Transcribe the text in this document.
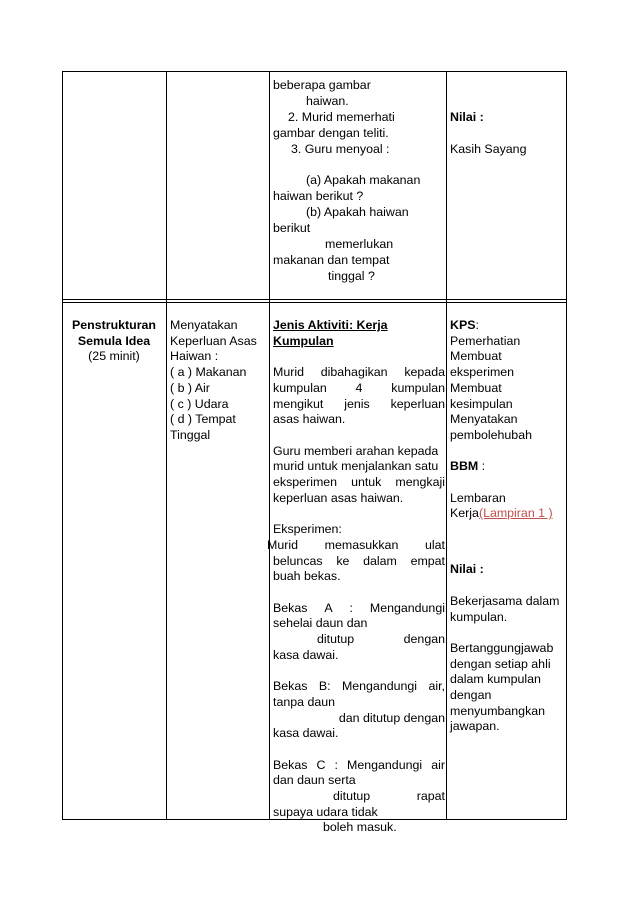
beberapa gambar
haiwan.
2. Murid memerhati
gambar dengan teliti.
3. Guru menyoal :
(a) Apakah makanan
haiwan berikut ?
(b) Apakah haiwan
berikut
memerlukan
makanan dan tempat
tinggal ?
Nilai :
Kasih Sayang
Penstrukturan
Semula Idea
(25 minit)
Menyatakan
Keperluan Asas
Haiwan :
( a ) Makanan
( b ) Air
( c ) Udara
( d ) Tempat
Tinggal
Jenis Aktiviti: Kerja
Kumpulan
Murid dibahagikan kepada
kumpulan 4 kumpulan
mengikut jenis keperluan
asas haiwan.
Guru memberi arahan kepada
murid untuk menjalankan satu
eksperimen untuk mengkaji
keperluan asas haiwan.
Eksperimen:
Murid memasukkan ulat
beluncas ke dalam empat
buah bekas.
Bekas A : Mengandungi
sehelai daun dan
ditutup	dengan
kasa dawai.
Bekas B: Mengandungi air,
tanpa daun
dan ditutup dengan
kasa dawai.
Bekas C : Mengandungi air
dan daun serta
ditutup	rapat
supaya udara tidak
boleh masuk.
KPS:
Pemerhatian
Membuat
eksperimen
Membuat
kesimpulan
Menyatakan
pembolehubah
BBM :
Lembaran
Kerja(Lampiran 1 )
Nilai :
Bekerjasama dalam
kumpulan.
Bertanggungjawab
dengan setiap ahli
dalam kumpulan
dengan
menyumbangkan
jawapan.
